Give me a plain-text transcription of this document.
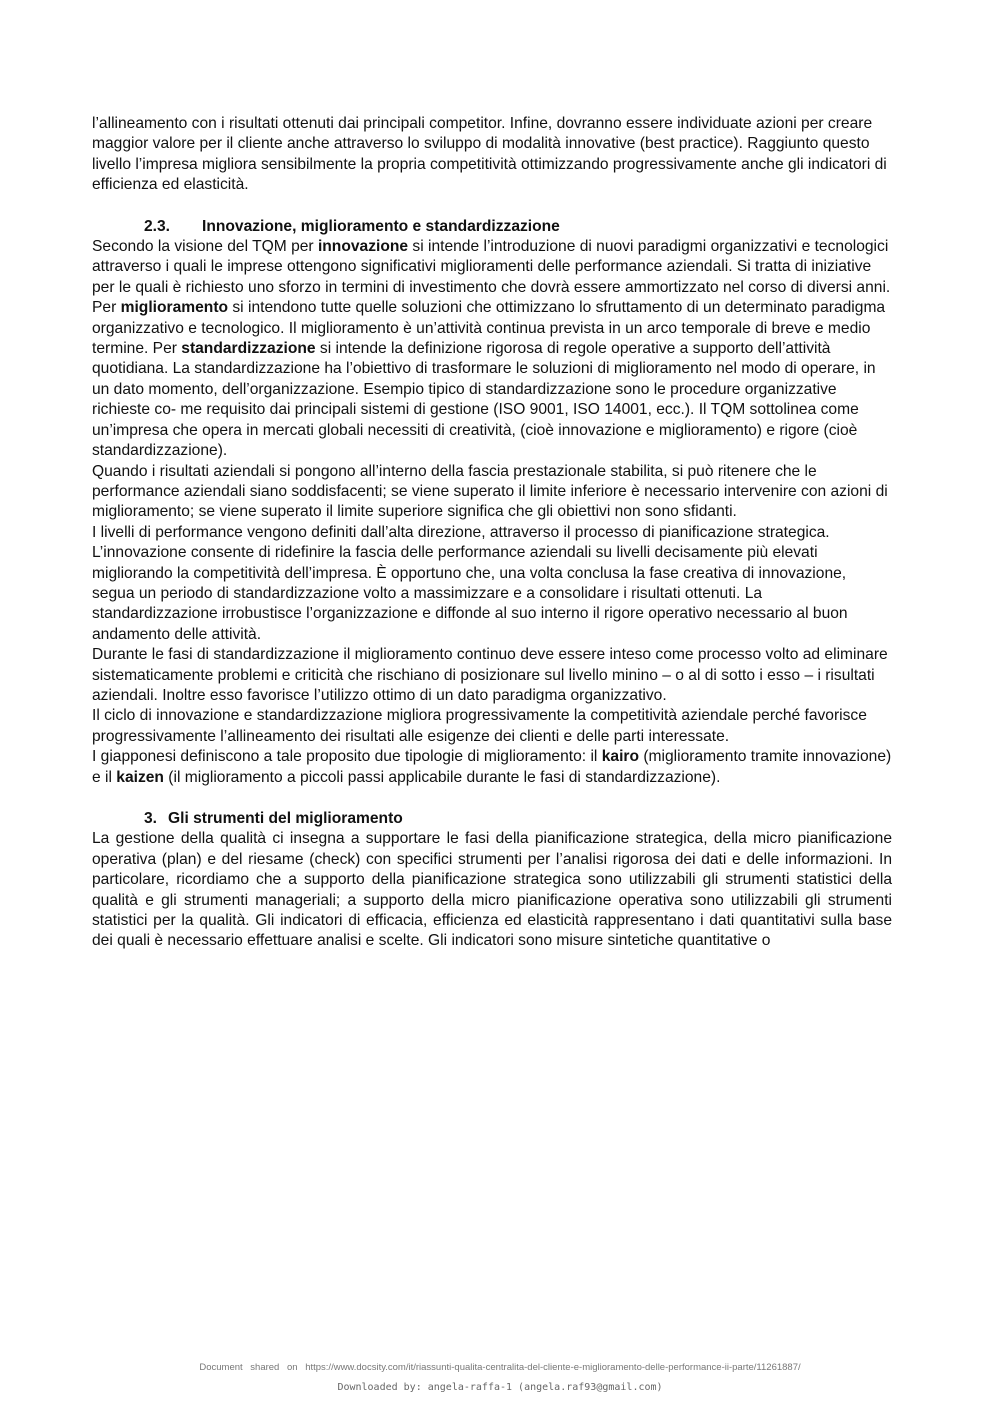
l’allineamento con i risultati ottenuti dai principali competitor. Infine, dovranno essere individuate azioni per creare maggior valore per il cliente anche attraverso lo sviluppo di modalità innovative (best practice). Raggiunto questo livello l’impresa migliora sensibilmente la propria competitività ottimizzando progressivamente anche gli indicatori di efficienza ed elasticità.

2.3. Innovazione, miglioramento e standardizzazione

Secondo la visione del TQM per innovazione si intende l’introduzione di nuovi paradigmi organizzativi e tecnologici attraverso i quali le imprese ottengono significativi miglioramenti delle performance aziendali. Si tratta di iniziative per le quali è richiesto uno sforzo in termini di investimento che dovrà essere ammortizzato nel corso di diversi anni.

Per miglioramento si intendono tutte quelle soluzioni che ottimizzano lo sfruttamento di un determinato paradigma organizzativo e tecnologico. Il miglioramento è un’attività continua prevista in un arco temporale di breve e medio termine. Per standardizzazione si intende la definizione rigorosa di regole operative a supporto dell’attività quotidiana. La standardizzazione ha l’obiettivo di trasformare le soluzioni di miglioramento nel modo di operare, in un dato momento, dell’organizzazione. Esempio tipico di standardizzazione sono le procedure organizzative richieste co- me requisito dai principali sistemi di gestione (ISO 9001, ISO 14001, ecc.). Il TQM sottolinea come un’impresa che opera in mercati globali necessiti di creatività, (cioè innovazione e miglioramento) e rigore (cioè standardizzazione).

Quando i risultati aziendali si pongono all’interno della fascia prestazionale stabilita, si può ritenere che le performance aziendali siano soddisfacenti; se viene superato il limite inferiore è necessario intervenire con azioni di miglioramento; se viene superato il limite superiore significa che gli obiettivi non sono sfidanti.

I livelli di performance vengono definiti dall’alta direzione, attraverso il processo di pianificazione strategica.

L’innovazione consente di ridefinire la fascia delle performance aziendali su livelli decisamente più elevati migliorando la competitività dell’impresa. È opportuno che, una volta conclusa la fase creativa di innovazione, segua un periodo di standardizzazione volto a massimizzare e a consolidare i risultati ottenuti. La standardizzazione irrobustisce l’organizzazione e diffonde al suo interno il rigore operativo necessario al buon andamento delle attività.

Durante le fasi di standardizzazione il miglioramento continuo deve essere inteso come processo volto ad eliminare sistematicamente problemi e criticità che rischiano di posizionare sul livello minino – o al di sotto i esso – i risultati aziendali. Inoltre esso favorisce l’utilizzo ottimo di un dato paradigma organizzativo.

Il ciclo di innovazione e standardizzazione migliora progressivamente la competitività aziendale perché favorisce progressivamente l’allineamento dei risultati alle esigenze dei clienti e delle parti interessate.

I giapponesi definiscono a tale proposito due tipologie di miglioramento: il kairo (miglioramento tramite innovazione) e il kaizen (il miglioramento a piccoli passi applicabile durante le fasi di standardizzazione).

3. Gli strumenti del miglioramento

La gestione della qualità ci insegna a supportare le fasi della pianificazione strategica, della micro pianificazione operativa (plan) e del riesame (check) con specifici strumenti per l’analisi rigorosa dei dati e delle informazioni. In particolare, ricordiamo che a supporto della pianificazione strategica sono utilizzabili gli strumenti statistici della qualità e gli strumenti manageriali; a supporto della micro pianificazione operativa sono utilizzabili gli strumenti statistici per la qualità. Gli indicatori di efficacia, efficienza ed elasticità rappresentano i dati quantitativi sulla base dei quali è necessario effettuare analisi e scelte. Gli indicatori sono misure sintetiche quantitative o

Document shared on https://www.docsity.com/it/riassunti-qualita-centralita-del-cliente-e-miglioramento-delle-performance-ii-parte/11261887/
Downloaded by: angela-raffa-1 (angela.raf93@gmail.com)
